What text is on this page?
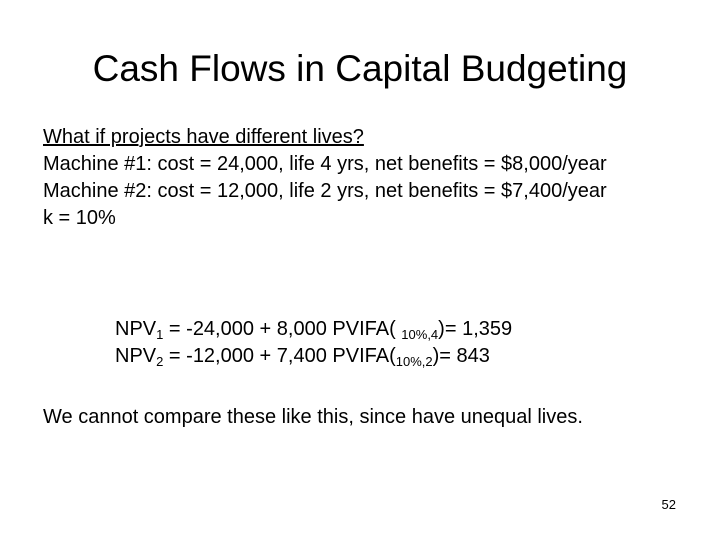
Cash Flows in Capital Budgeting

What if projects have different lives?

Machine #1: cost = 24,000, life 4 yrs, net benefits = $8,000/year

Machine #2: cost = 12,000, life 2 yrs, net benefits = $7,400/year

k = 10%

$NPV_1 = -24,000 + 8,000$ PVIFA( $_{10\%,4}$)= 1,359

$NPV_2 = -12,000 + 7,400$ $PVIFA(_{10\%,2})= 843$

We cannot compare these like this, since have unequal lives.

52
